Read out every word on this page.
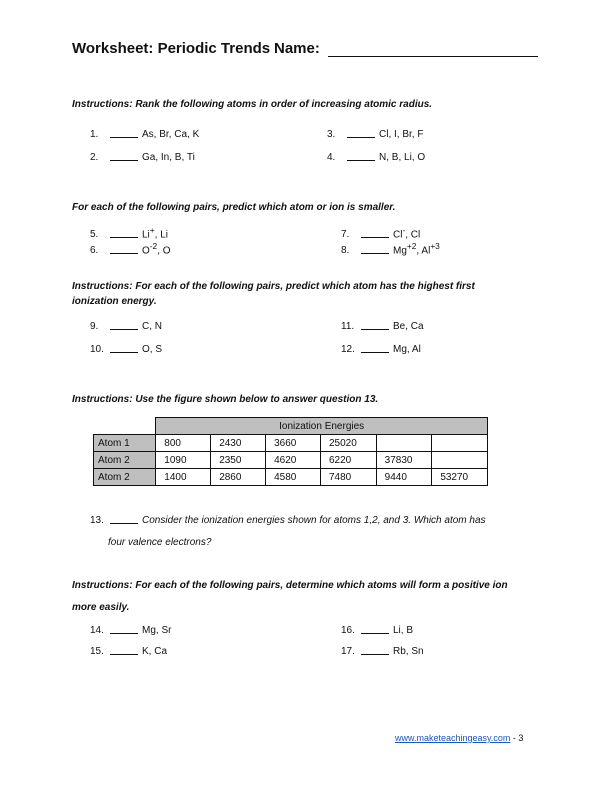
Worksheet: Periodic Trends Name:
Instructions: Rank the following atoms in order of increasing atomic radius.
1.	As, Br, Ca, K
2.	Ga, In, B, Ti
3.	Cl, I, Br, F
4.	N, B, Li, O
For each of the following pairs, predict which atom or ion is smaller.
5.	Li+, Li
6.	$O^{-2}$, O
7.	Cl-, Cl
8.	$Mg^{+2}$, $Al^{+3}$
Instructions: For each of the following pairs, predict which atom has the highest first
ionization energy.
9.	C, N
10.	O, S
11.	Be, Ca
12.	Mg, Al
Instructions: Use the figure shown below to answer question 13.
	Ionization Energies					
Atom 1	800	2430	3660	25020		
Atom 2	1090	2350	4620	6220	37830	
Atom 2	1400	2860	4580	7480	9440	53270
13.	Consider the ionization energies shown for atoms 1,2, and 3. Which atom has
four valence electrons?
Instructions: For each of the following pairs, determine which atoms will form a positive ion
more easily.
14.	Mg, Sr
15.	K, Ca
16.	Li, B
17.	Rb, Sn
www.maketeachingeasy.com - 3
